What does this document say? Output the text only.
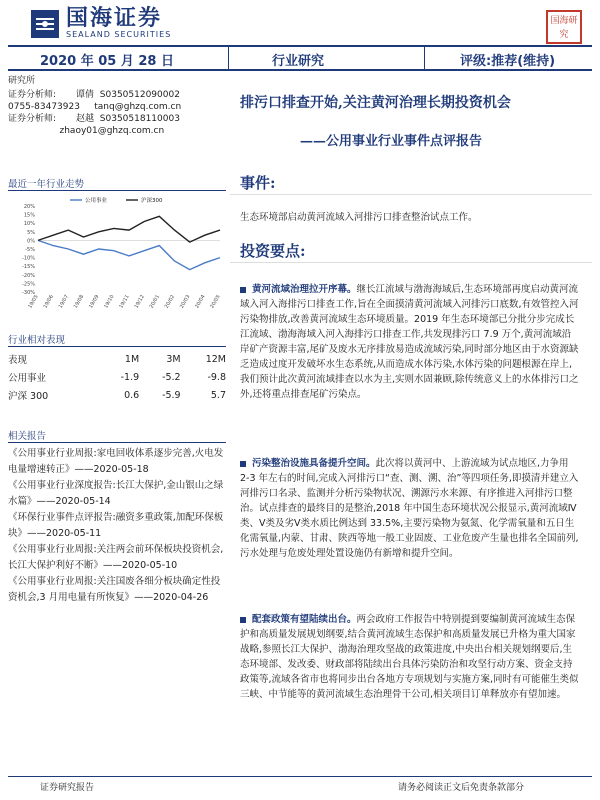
国海证券
SEALAND SECURITIES
国海研究
2020 年 05 月 28 日	行业研究	评级:推荐(维持)
研究所
证券分析师:       谭倩  S0350512090002
0755-83473923     tanq@ghzq.com.cn
证券分析师:       赵越  S0350518110003
zhaoy01@ghzq.com.cn
排污口排查开始,关注黄河治理长期投资机会
——公用事业行业事件点评报告
最近一年行业走势
20%
15%
10%
5%
0%
-5%
-10%
-15%
-20%
-25%
-30%
19/05 19/06 19/07 19/08 19/09 19/10 19/11 19/12 20/01 20/02 20/03 20/04 20/05
公用事业	沪深300
行业相对表现
表现	1M	3M	12M
公用事业	-1.9	-5.2	-9.8
沪深 300	0.6	-5.9	5.7
相关报告
《公用事业行业周报:家电回收体系逐步完善,火电发电量增速转正》——2020-05-18
《公用事业行业深度报告:长江大保护,金山银山之绿水篇》——2020-05-14
《环保行业事件点评报告:融资多重政策,加配环保板块》——2020-05-11
《公用事业行业周报:关注两会前环保板块投资机会,长江大保护利好不断》——2020-05-10
《公用事业行业周报:关注国废各细分板块确定性投资机会,3 月用电量有所恢复》——2020-04-26
事件:
生态环境部启动黄河流域入河排污口排查整治试点工作。
投资要点:
黄河流域治理拉开序幕。继长江流域与渤海海域后,生态环境部再度启动黄河流域入河入海排污口排查工作,旨在全面摸清黄河流域入河排污口底数,有效管控入河污染物排放,改善黄河流域生态环境质量。2019 年生态环境部已分批分步完成长江流域、渤海海域入河入海排污口排查工作,共发现排污口 7.9 万个,黄河流域沿岸矿产资源丰富,尾矿及废水无序排放易造成流域污染,同时部分地区由于水资源缺乏造成过度开发破坏水生态系统,从而造成水体污染,水体污染的问题根源在岸上,我们预计此次黄河流域排查以水为主,实则水固兼顾,除传统意义上的水体排污口之外,还将重点排查尾矿污染点。
污染整治设施具备提升空间。此次将以黄河中、上游流域为试点地区,力争用 2-3 年左右的时间,完成入河排污口“查、测、溯、治”等四项任务,即摸清并建立入河排污口名录、监测并分析污染物状况、溯源污水来源、有序推进入河排污口整治。试点排查的最终目的是整治,2018 年中国生态环境状况公报显示,黄河流域Ⅳ类、Ⅴ类及劣Ⅴ类水质比例达到 33.5%,主要污染物为氨氮、化学需氧量和五日生化需氧量,内蒙、甘肃、陕西等地一般工业固废、工业危废产生量也排名全国前列,污水处理与危废处理处置设施仍有新增和提升空间。
配套政策有望陆续出台。两会政府工作报告中特别提到要编制黄河流域生态保护和高质量发展规划纲要,结合黄河流域生态保护和高质量发展已升格为重大国家战略,参照长江大保护、渤海治理攻坚战的政策进度,中央出台相关规划纲要后,生态环境部、发改委、财政部将陆续出台具体污染防治和攻坚行动方案、资金支持政策等,流域各省市也将同步出台各地方专项规划与实施方案,同时有可能催生类似三峡、中节能等的黄河流域生态治理骨干公司,相关项目订单释放亦有望加速。
证券研究报告	请务必阅读正文后免责条款部分
